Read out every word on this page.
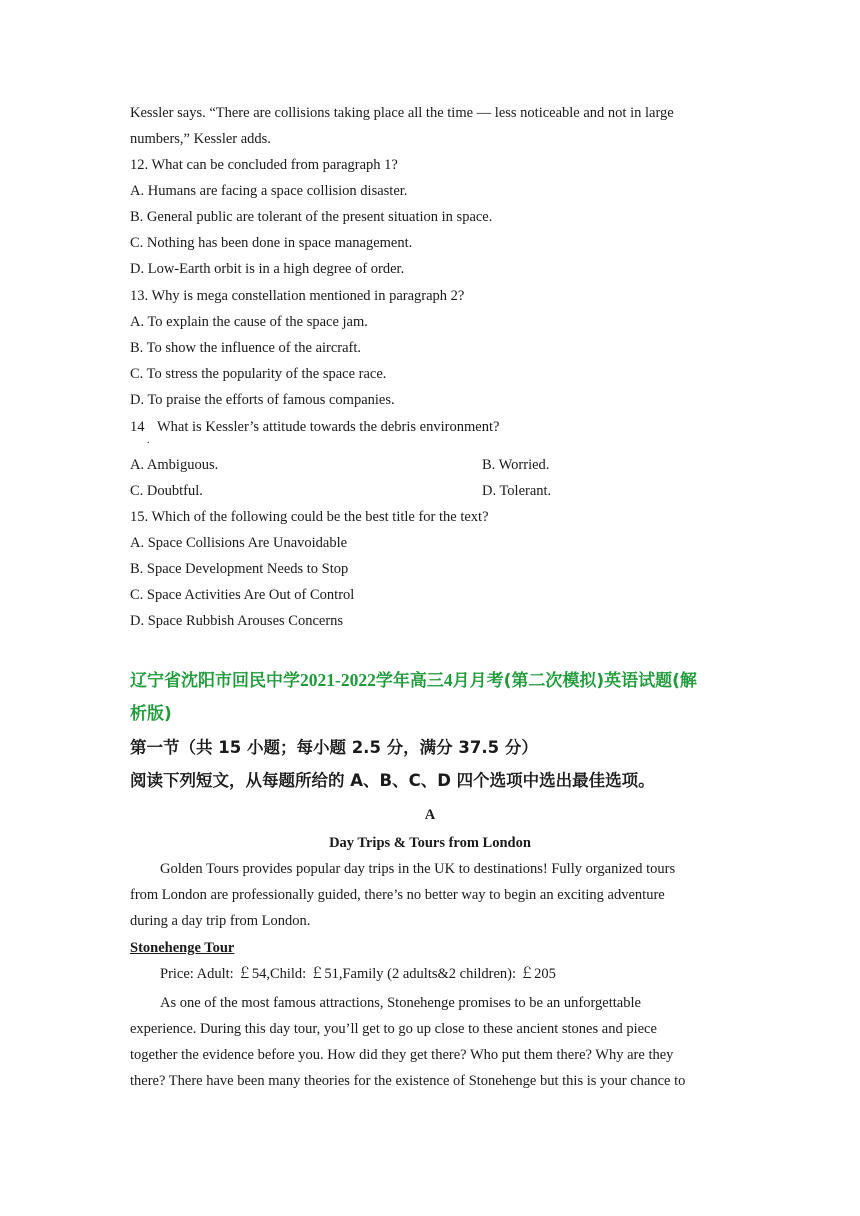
Kessler says. “There are collisions taking place all the time — less noticeable and not in large
numbers,” Kessler adds.
12. What can be concluded from paragraph 1?
A. Humans are facing a space collision disaster.
B. General public are tolerant of the present situation in space.
C. Nothing has been done in space management.
D. Low-Earth orbit is in a high degree of order.
13. Why is mega constellation mentioned in paragraph 2?
A. To explain the cause of the space jam.
B. To show the influence of the aircraft.
C. To stress the popularity of the space race.
D. To praise the efforts of famous companies.
14
.
What is Kessler’s attitude towards the debris environment?
A. Ambiguous.	B. Worried.
C. Doubtful.	D. Tolerant.
15. Which of the following could be the best title for the text?
A. Space Collisions Are Unavoidable
B. Space Development Needs to Stop
C. Space Activities Are Out of Control
D. Space Rubbish Arouses Concerns
辽宁省沈阳市回民中学2021-2022学年高三4月月考(第二次模拟)英语试题(解
析版)
第一节（共 15 小题；每小题 2.5 分，满分 37.5 分）
阅读下列短文，从每题所给的 A、B、C、D 四个选项中选出最佳选项。
A
Day Trips & Tours from London
Golden Tours provides popular day trips in the UK to destinations! Fully organized tours
from London are professionally guided, there’s no better way to begin an exciting adventure
during a day trip from London.
Stonehenge Tour
Price: Adult: ￡54,Child: ￡51,Family (2 adults&2 children): ￡205
As one of the most famous attractions, Stonehenge promises to be an unforgettable
experience. During this day tour, you’ll get to go up close to these ancient stones and piece
together the evidence before you. How did they get there? Who put them there? Why are they
there? There have been many theories for the existence of Stonehenge but this is your chance to
